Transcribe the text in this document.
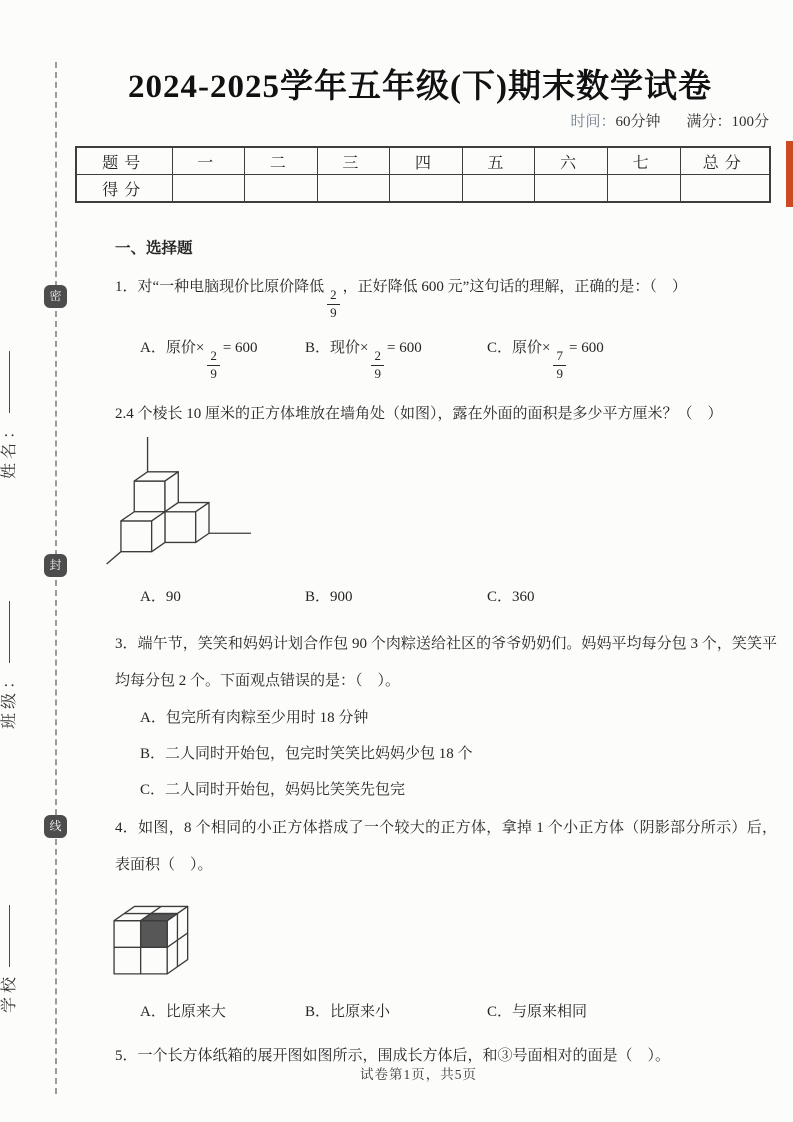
密
封
线
姓名：
班级：
学校
2024-2025学年五年级(下)期末数学试卷
时间：60分钟 满分：100分
题号	一	二	三	四	五	六	七	总分
得分								
一、选择题
1．对“一种电脑现价比原价降低
$\frac{2}{9}$
，正好降低 600 元”这句话的理解，正确的是：（　）
A．原价×
$\frac{2}{9}$
= 600	B．现价×
$\frac{2}{9}$
= 600	C．原价×
$\frac{7}{9}$
= 600
2.4 个棱长 10 厘米的正方体堆放在墙角处（如图），露在外面的面积是多少平方厘米？（　）
A．90	B．900	C．360
3．端午节，笑笑和妈妈计划合作包 90 个肉粽送给社区的爷爷奶奶们。妈妈平均每分包 3 个，笑笑平均每分包 2 个。下面观点错误的是：（　）。
A．包完所有肉粽至少用时 18 分钟
B．二人同时开始包，包完时笑笑比妈妈少包 18 个
C．二人同时开始包，妈妈比笑笑先包完
4．如图，8 个相同的小正方体搭成了一个较大的正方体，拿掉 1 个小正方体（阴影部分所示）后，表面积（　）。
A．比原来大	B．比原来小	C．与原来相同
5．一个长方体纸箱的展开图如图所示，围成长方体后，和③号面相对的面是（　）。
试卷第1页，共5页
